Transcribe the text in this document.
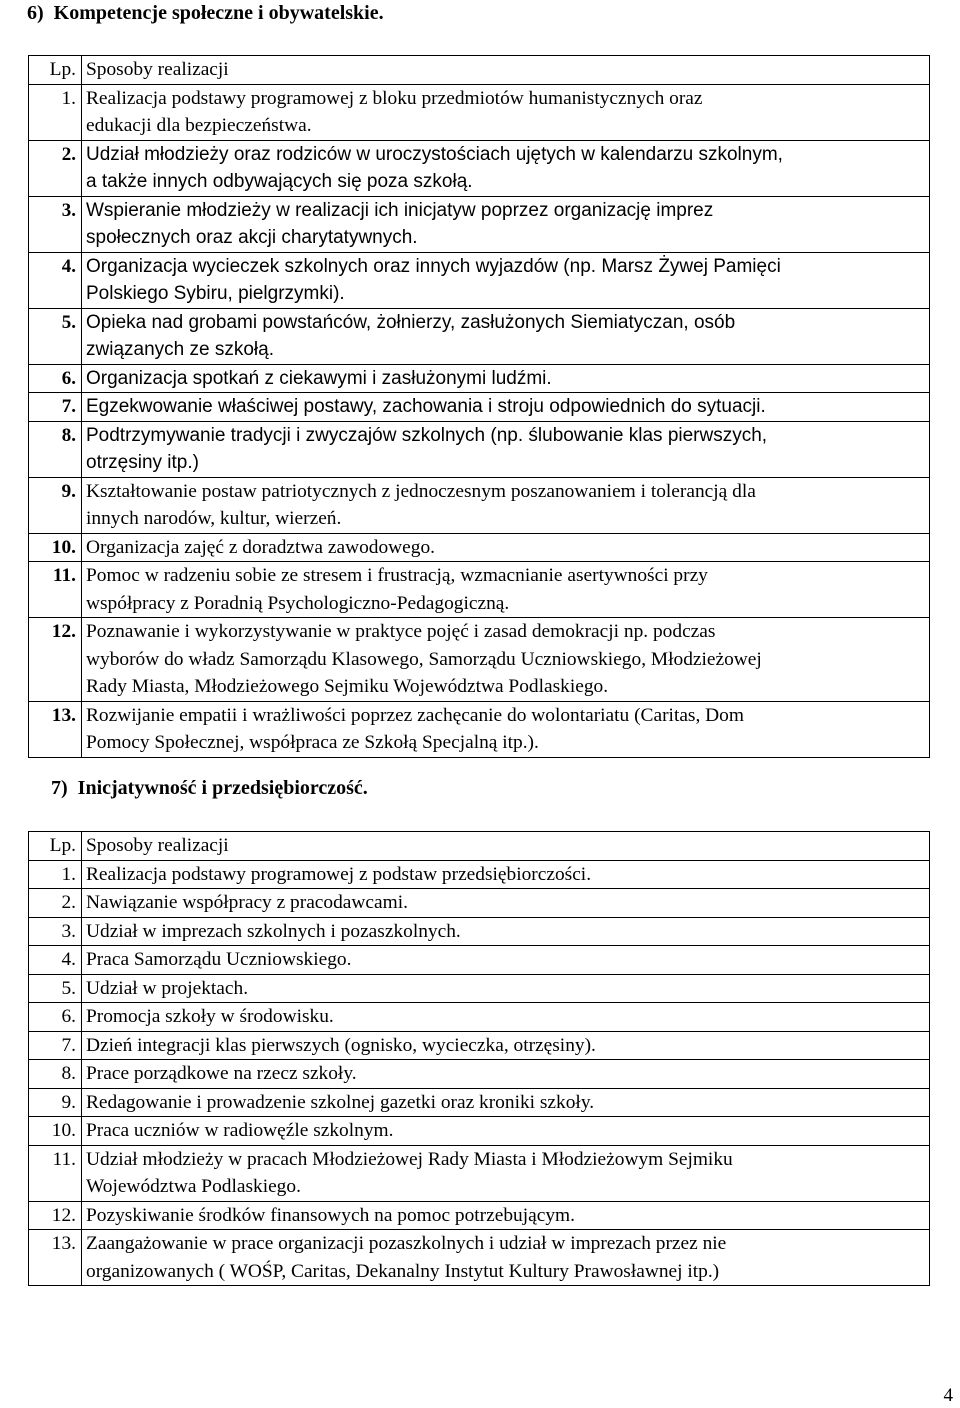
6)  Kompetencje społeczne i obywatelskie.
Lp.	Sposoby realizacji
1.	Realizacja podstawy programowej z bloku przedmiotów humanistycznych oraz
edukacji dla bezpieczeństwa.

2.	Udział młodzieży oraz rodziców w uroczystościach ujętych w kalendarzu szkolnym,
a także innych odbywających się poza szkołą.

3.	Wspieranie młodzieży w realizacji ich inicjatyw poprzez organizację imprez
społecznych oraz akcji charytatywnych.

4.	Organizacja wycieczek szkolnych oraz innych wyjazdów (np. Marsz Żywej Pamięci
Polskiego Sybiru, pielgrzymki).

5.	Opieka nad grobami powstańców, żołnierzy, zasłużonych Siemiatyczan, osób
związanych ze szkołą.

6.	Organizacja spotkań z ciekawymi i zasłużonymi ludźmi.

7.	Egzekwowanie właściwej postawy, zachowania i stroju odpowiednich do sytuacji.

8.	Podtrzymywanie tradycji i zwyczajów szkolnych (np. ślubowanie klas pierwszych,
otrzęsiny itp.)

9.	Kształtowanie postaw patriotycznych z jednoczesnym poszanowaniem i tolerancją dla
innych narodów, kultur, wierzeń.

10.	Organizacja zajęć z doradztwa zawodowego.

11.	Pomoc w radzeniu sobie ze stresem i frustracją, wzmacnianie asertywności przy
współpracy z Poradnią Psychologiczno-Pedagogiczną.

12.	Poznawanie i wykorzystywanie w praktyce pojęć i zasad demokracji np. podczas
wyborów do władz Samorządu Klasowego, Samorządu Uczniowskiego, Młodzieżowej
Rady Miasta, Młodzieżowego Sejmiku Województwa Podlaskiego.

13.	Rozwijanie empatii i wrażliwości poprzez zachęcanie do wolontariatu (Caritas, Dom
Pomocy Społecznej, współpraca ze Szkołą Specjalną itp.).
7)  Inicjatywność i przedsiębiorczość.
Lp.	Sposoby realizacji
1.	Realizacja podstawy programowej z podstaw przedsiębiorczości.

2.	Nawiązanie współpracy z pracodawcami.

3.	Udział w imprezach szkolnych i pozaszkolnych.

4.	Praca Samorządu Uczniowskiego.

5.	Udział w projektach.

6.	Promocja szkoły w środowisku.

7.	Dzień integracji klas pierwszych (ognisko, wycieczka, otrzęsiny).

8.	Prace porządkowe na rzecz szkoły.

9.	Redagowanie i prowadzenie szkolnej gazetki oraz kroniki szkoły.

10.	Praca uczniów w radiowęźle szkolnym.

11.	Udział młodzieży w pracach Młodzieżowej Rady Miasta i Młodzieżowym Sejmiku
Województwa Podlaskiego.

12.	Pozyskiwanie środków finansowych na pomoc potrzebującym.

13.	Zaangażowanie w prace organizacji pozaszkolnych i udział w imprezach przez nie
organizowanych ( WOŚP, Caritas, Dekanalny Instytut Kultury Prawosławnej itp.)
4
